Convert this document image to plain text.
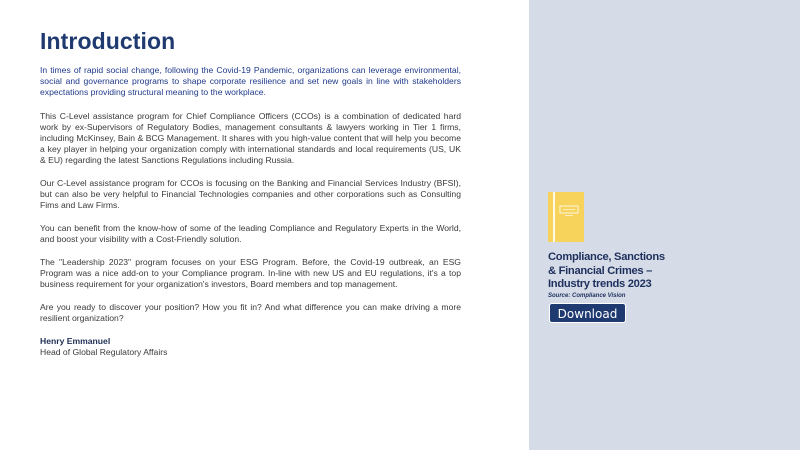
Introduction

In times of rapid social change, following the Covid-19 Pandemic, organizations can leverage environmental, social and governance programs to shape corporate resilience and set new goals in line with stakeholders expectations providing structural meaning to the workplace.

This C-Level assistance program for Chief Compliance Officers (CCOs) is a combination of dedicated hard work by ex-Supervisors of Regulatory Bodies, management consultants & lawyers working in Tier 1 firms, including McKinsey, Bain & BCG Management. It shares with you high-value content that will help you become a key player in helping your organization comply with international standards and local requirements (US, UK & EU) regarding the latest Sanctions Regulations including Russia.

Our C-Level assistance program for CCOs is focusing on the Banking and Financial Services Industry (BFSI), but can also be very helpful to Financial Technologies companies and other corporations such as Consulting Fims and Law Firms.

You can benefit from the know-how of some of the leading Compliance and Regulatory Experts in the World, and boost your visibility with a Cost-Friendly solution.

The "Leadership 2023" program focuses on your ESG Program. Before, the Covid-19 outbreak, an ESG Program was a nice add-on to your Compliance program. In-line with new US and EU regulations, it's a top business requirement for your organization's investors, Board members and top management.

Are you ready to discover your position? How you fit in? And what difference you can make driving a more resilient organization?

Henry Emmanuel
Head of Global Regulatory Affairs
Compliance, Sanctions
& Financial Crimes –
Industry trends 2023
Source: Compliance Vision
Download
